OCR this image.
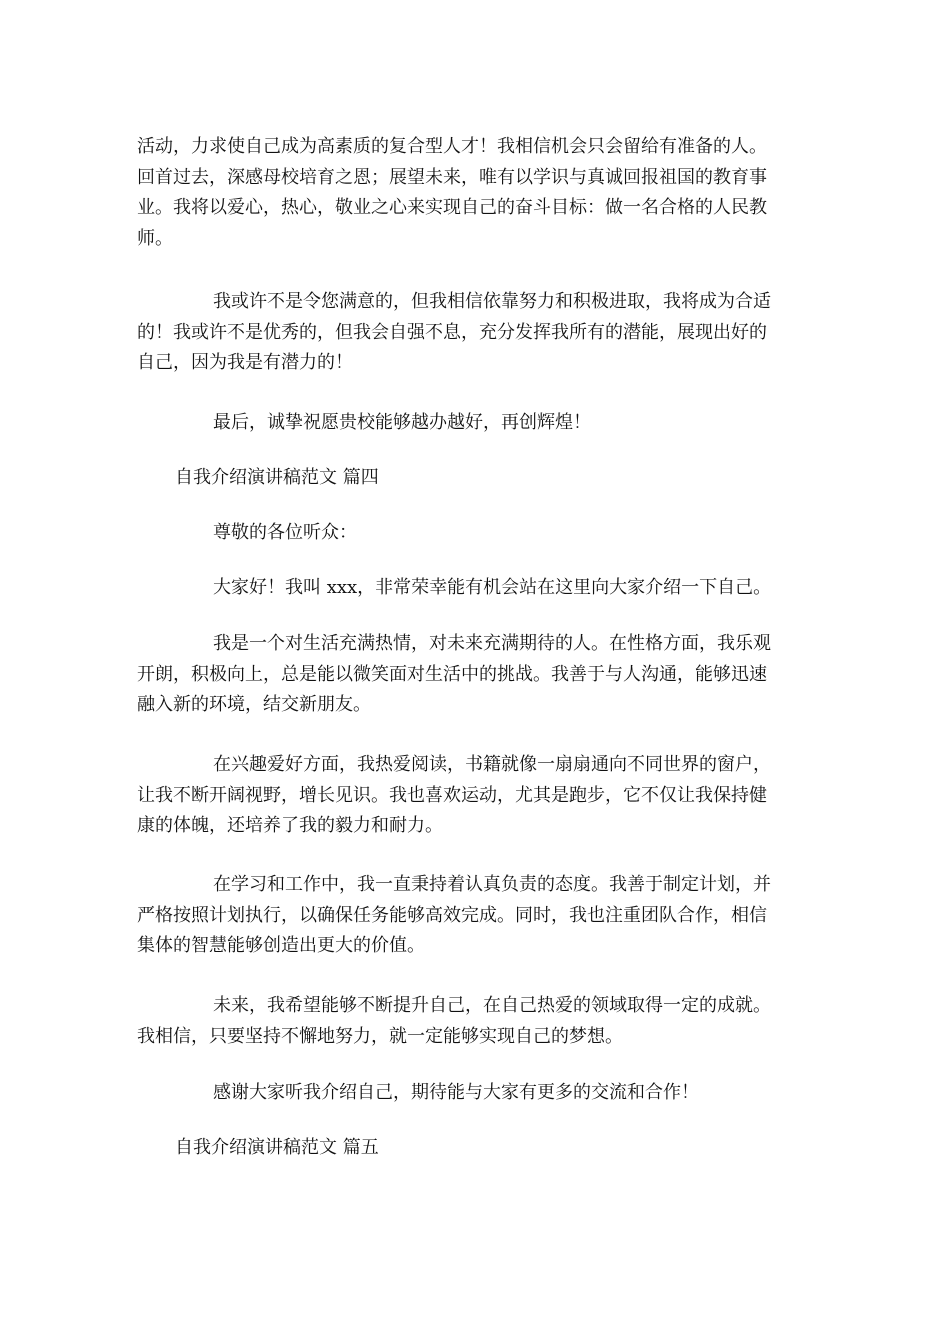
活动，力求使自己成为高素质的复合型人才！我相信机会只会留给有准备的人。
回首过去，深感母校培育之恩；展望未来，唯有以学识与真诚回报祖国的教育事
业。我将以爱心，热心，敬业之心来实现自己的奋斗目标：做一名合格的人民教
师。

我或许不是令您满意的，但我相信依靠努力和积极进取，我将成为合适
的！我或许不是优秀的，但我会自强不息，充分发挥我所有的潜能，展现出好的
自己，因为我是有潜力的！

最后，诚挚祝愿贵校能够越办越好，再创辉煌！

自我介绍演讲稿范文 篇四

尊敬的各位听众：

大家好！我叫 xxx，非常荣幸能有机会站在这里向大家介绍一下自己。

我是一个对生活充满热情，对未来充满期待的人。在性格方面，我乐观
开朗，积极向上，总是能以微笑面对生活中的挑战。我善于与人沟通，能够迅速
融入新的环境，结交新朋友。

在兴趣爱好方面，我热爱阅读，书籍就像一扇扇通向不同世界的窗户，
让我不断开阔视野，增长见识。我也喜欢运动，尤其是跑步，它不仅让我保持健
康的体魄，还培养了我的毅力和耐力。

在学习和工作中，我一直秉持着认真负责的态度。我善于制定计划，并
严格按照计划执行，以确保任务能够高效完成。同时，我也注重团队合作，相信
集体的智慧能够创造出更大的价值。

未来，我希望能够不断提升自己，在自己热爱的领域取得一定的成就。
我相信，只要坚持不懈地努力，就一定能够实现自己的梦想。

感谢大家听我介绍自己，期待能与大家有更多的交流和合作！

自我介绍演讲稿范文 篇五
